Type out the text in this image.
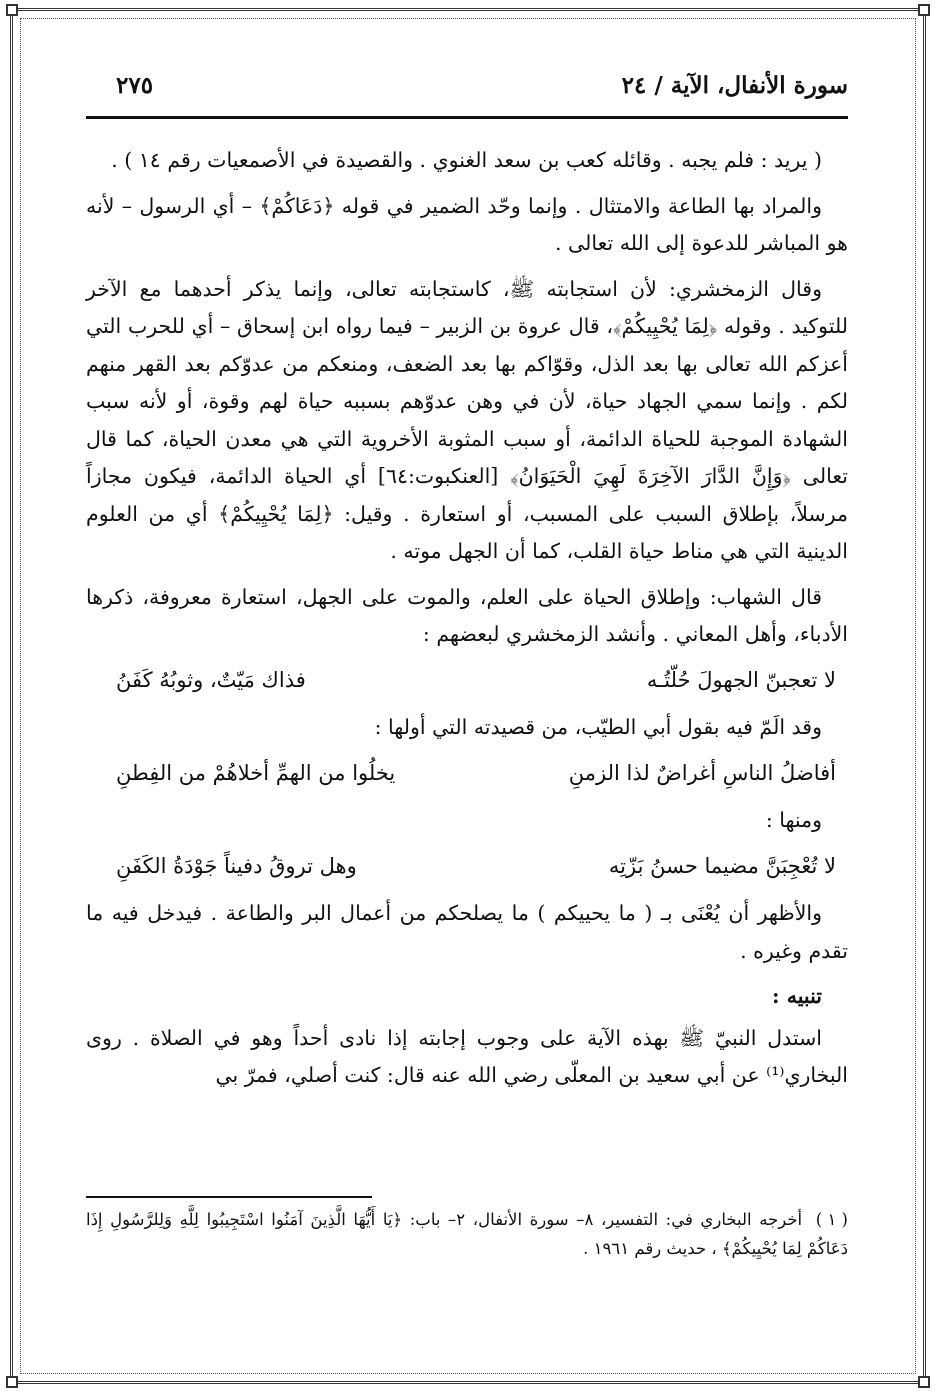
سورة الأنفال، الآية / ٢٤
٢٧٥

( يريد : فلم يجبه . وقائله كعب بن سعد الغنوي . والقصيدة في الأصمعيات رقم ١٤ ) .

والمراد بها الطاعة والامتثال . وإنما وحّد الضمير في قوله ﴿دَعَاكُمْ﴾ – أي الرسول – لأنه هو المباشر للدعوة إلى الله تعالى .

وقال الزمخشري: لأن استجابته ﷺ، كاستجابته تعالى، وإنما يذكر أحدهما مع الآخر للتوكيد . وقوله ﴿لِمَا يُحْيِيكُمْ﴾، قال عروة بن الزبير – فيما رواه ابن إسحاق – أي للحرب التي أعزكم الله تعالى بها بعد الذل، وقوّاكم بها بعد الضعف، ومنعكم من عدوّكم بعد القهر منهم لكم . وإنما سمي الجهاد حياة، لأن في وهن عدوّهم بسببه حياة لهم وقوة، أو لأنه سبب الشهادة الموجبة للحياة الدائمة، أو سبب المثوبة الأخروية التي هي معدن الحياة، كما قال تعالى ﴿وَإِنَّ الدَّارَ الآخِرَةَ لَهِيَ الْحَيَوَانُ﴾ [العنكبوت:٦٤] أي الحياة الدائمة، فيكون مجازاً مرسلاً، بإطلاق السبب على المسبب، أو استعارة . وقيل: ﴿لِمَا يُحْيِيكُمْ﴾ أي من العلوم الدينية التي هي مناط حياة القلب، كما أن الجهل موته .

قال الشهاب: وإطلاق الحياة على العلم، والموت على الجهل، استعارة معروفة، ذكرها الأدباء، وأهل المعاني . وأنشد الزمخشري لبعضهم :

لا تعجبنّ الجهولَ حُلّتُـه
فذاك مَيّتٌ، وثوبُهُ كَفَنُ

وقد الَمّ فيه بقول أبي الطيّب، من قصيدته التي أولها :

أفاضلُ الناسِ أغراضٌ لذا الزمنِ
يخلُوا من الهمِّ أخلاهُمْ من الفِطنِ

ومنها :

لا تُعْجِبَنَّ مضيما حسنُ بَزّتِه
وهل تروقُ دفيناً جَوْدَةُ الكَفَنِ

والأظهر أن يُعْنَى بـ ( ما يحييكم ) ما يصلحكم من أعمال البر والطاعة . فيدخل فيه ما تقدم وغيره .

تنبيه :

استدل النبيّ ﷺ بهذه الآية على وجوب إجابته إذا نادى أحداً وهو في الصلاة . روى البخاري⁽¹⁾ عن أبي سعيد بن المعلّى رضي الله عنه قال: كنت أصلي، فمرّ بي

( ١ ) أخرجه البخاري في: التفسير، ٨– سورة الأنفال، ٢– باب: ﴿يَا أَيُّهَا الَّذِينَ آمَنُوا اسْتَجِيبُوا لِلَّهِ وَلِلرَّسُولِ إِذَا دَعَاكُمْ لِمَا يُحْيِيكُمْ﴾ ، حديث رقم ١٩٦١ .
